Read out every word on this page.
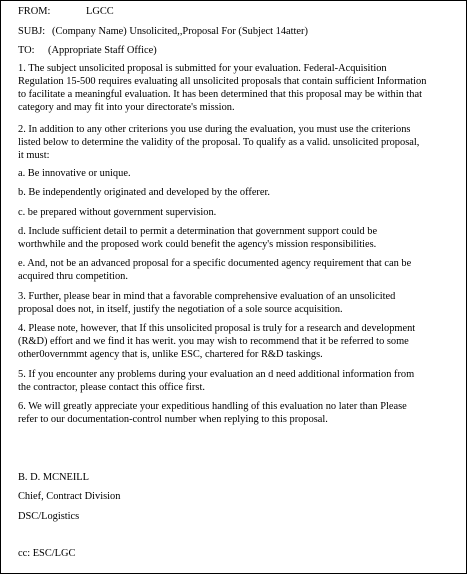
FROM:	LGCC
SUBJ: (Company Name) Unsolicited,,Proposal For (Subject 14atter)
TO: (Appropriate Staff Office)
1. The subject unsolicited proposal is submitted for your evaluation. Federal-Acquisition
Regulation 15-500 requires evaluating all unsolicited proposals that contain sufficient Information
to facilitate a meaningful evaluation. It has been determined that this proposal may be within that
category and may fit into your directorate's mission.
2. In addition to any other criterions you use during the evaluation, you must use the criterions
listed below to determine the validity of the proposal. To qualify as a valid. unsolicited proposal,
it must:
a. Be innovative or unique.
b. Be independently originated and developed by the offerer.
c. be prepared without government supervision.
d. Include sufficient detail to permit a determination that government support could be
worthwhile and the proposed work could benefit the agency's mission responsibilities.
e. And, not be an advanced proposal for a specific documented agency requirement that can be
acquired thru competition.
3. Further, please bear in mind that a favorable comprehensive evaluation of an unsolicited
proposal does not, in itself, justify the negotiation of a sole source acquisition.
4. Please note, however, that If this unsolicited proposal is truly for a research and development
(R&D) effort and we find it has werit. you may wish to recommend that it be referred to some
other0overnmmt agency that is, unlike ESC, chartered for R&D taskings.
5. If you encounter any problems during your evaluation an d need additional information from
the contractor, please contact this office first.
6. We will greatly appreciate your expeditious handling of this evaluation no later than Please
refer to our documentation-control number when replying to this proposal.
B. D. MCNEILL
Chief, Contract Division
DSC/Logistics
cc: ESC/LGC
